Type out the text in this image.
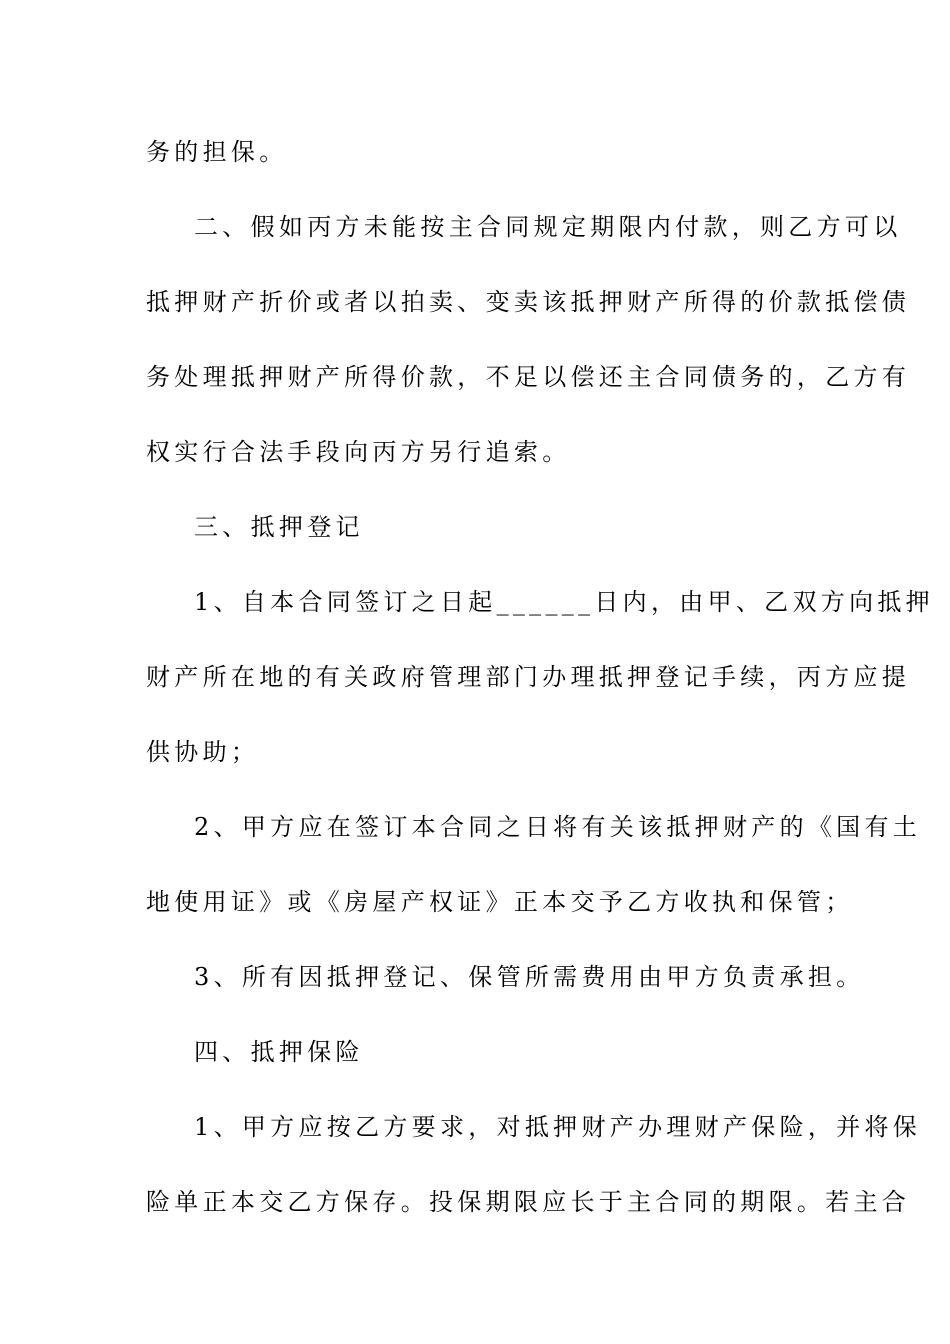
务的担保。
二、假如丙方未能按主合同规定期限内付款，则乙方可以
抵押财产折价或者以拍卖、变卖该抵押财产所得的价款抵偿债
务处理抵押财产所得价款，不足以偿还主合同债务的，乙方有
权实行合法手段向丙方另行追索。
三、抵押登记
1、自本合同签订之日起______日内，由甲、乙双方向抵押
财产所在地的有关政府管理部门办理抵押登记手续，丙方应提
供协助；
2、甲方应在签订本合同之日将有关该抵押财产的《国有土
地使用证》或《房屋产权证》正本交予乙方收执和保管；
3、所有因抵押登记、保管所需费用由甲方负责承担。
四、抵押保险
1、甲方应按乙方要求，对抵押财产办理财产保险，并将保
险单正本交乙方保存。投保期限应长于主合同的期限。若主合
